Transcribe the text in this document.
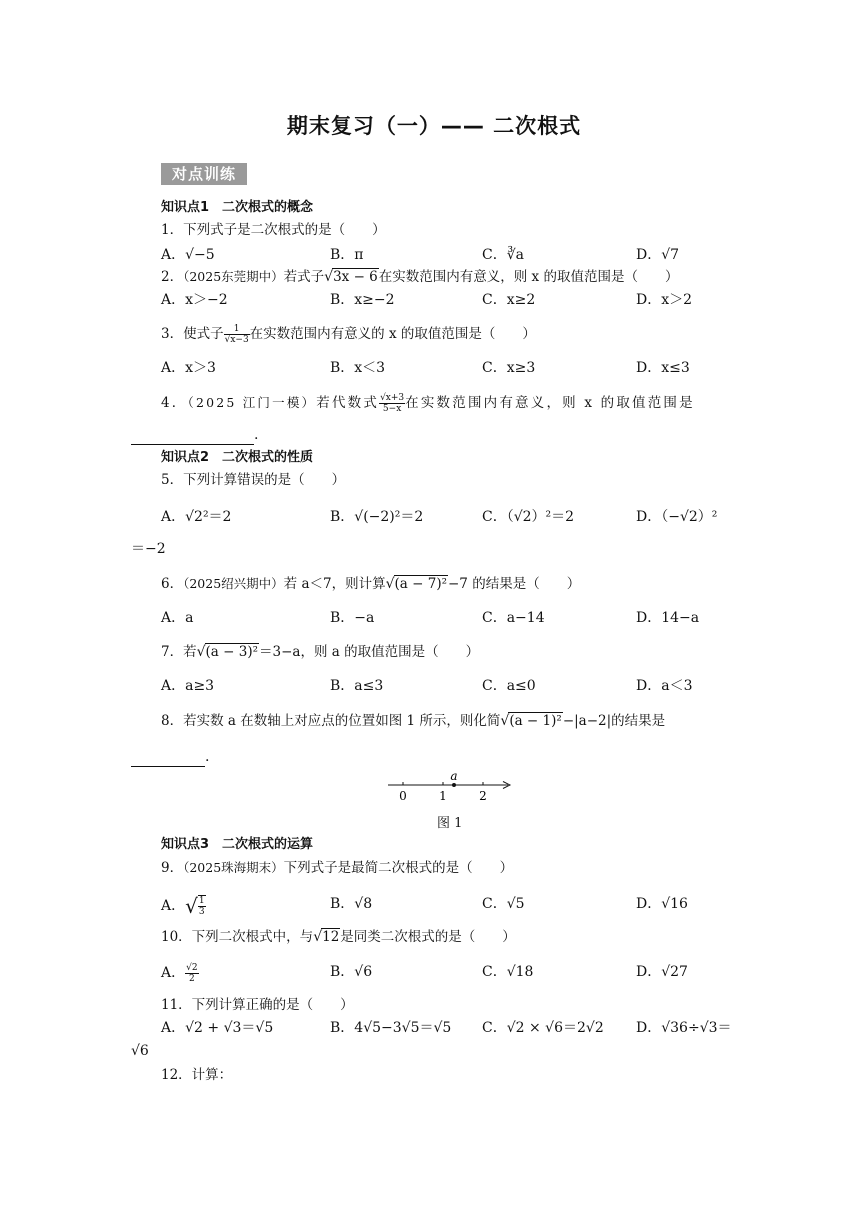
期末复习（一）—— 二次根式
对点训练
知识点1　二次根式的概念
1．下列式子是二次根式的是（　　）
A．√−5	B．π	C．∛a	D．√7
2．（2025东莞期中）若式子√3x − 6在实数范围内有意义，则 x 的取值范围是（　　）
A．x＞−2	B．x≥−2	C．x≥2	D．x＞2
3．使式子 $\frac{1}{√x-3}$ 在实数范围内有意义的 x 的取值范围是（　　）
A．x＞3	B．x＜3	C．x≥3	D．x≤3
4．（2025 江门一模）若代数式 $\frac{√x+3}{5-x}$ 在实数范围内有意义，则 x 的取值范围是
.
知识点2　二次根式的性质
5．下列计算错误的是（　　）
A．√2²＝2	B．√(−2)²＝2	C．（√2）²＝2	D．（−√2）²
＝−2
6．（2025绍兴期中）若 a＜7，则计算√(a − 7)²−7 的结果是（　　）
A．a	B．−a	C．a−14	D．14−a
7．若√(a − 3)²＝3−a，则 a 的取值范围是（　　）
A．a≥3	B．a≤3	C．a≤0	D．a＜3
8．若实数 a 在数轴上对应点的位置如图 1 所示，则化简√(a − 1)²−|a−2|的结果是
.
a
0	1	2
图 1
知识点3　二次根式的运算
9．（2025珠海期末）下列式子是最简二次根式的是（　　）
A．√ $\frac{1}{3}$	B．√8	C．√5	D．√16
10．下列二次根式中，与√12是同类二次根式的是（　　）
A． $\frac{√2}{2}$	B．√6	C．√18	D．√27
11．下列计算正确的是（　　）
A．√2 + √3＝√5	B．4√5−3√5＝√5 C．√2 × √6＝2√2 D．√36÷√3＝
√6
12．计算：
